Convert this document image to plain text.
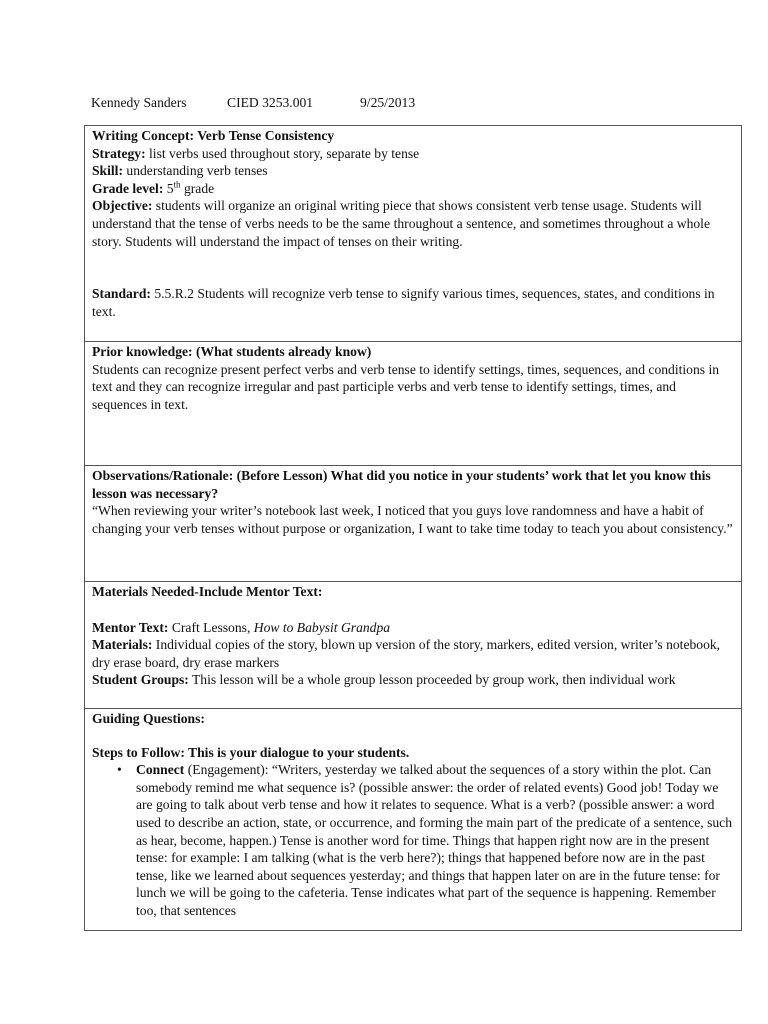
Kennedy Sanders	CIED 3253.001	9/25/2013

Writing Concept: Verb Tense Consistency

Strategy: list verbs used throughout story, separate by tense

Skill: understanding verb tenses

Grade level: 5th grade

Objective: students will organize an original writing piece that shows consistent verb tense usage. Students will understand that the tense of verbs needs to be the same throughout a sentence, and sometimes throughout a whole story. Students will understand the impact of tenses on their writing.

Standard: 5.5.R.2 Students will recognize verb tense to signify various times, sequences, states, and conditions in text.

Prior knowledge: (What students already know)

Students can recognize present perfect verbs and verb tense to identify settings, times, sequences, and conditions in text and they can recognize irregular and past participle verbs and verb tense to identify settings, times, and sequences in text.

Observations/Rationale: (Before Lesson) What did you notice in your students’ work that let you know this lesson was necessary?

“When reviewing your writer’s notebook last week, I noticed that you guys love randomness and have a habit of changing your verb tenses without purpose or organization, I want to take time today to teach you about consistency.”

Materials Needed-Include Mentor Text:

Mentor Text: Craft Lessons, How to Babysit Grandpa

Materials: Individual copies of the story, blown up version of the story, markers, edited version, writer’s notebook, dry erase board, dry erase markers

Student Groups: This lesson will be a whole group lesson proceeded by group work, then individual work

Guiding Questions:

Steps to Follow: This is your dialogue to your students.

• Connect (Engagement): “Writers, yesterday we talked about the sequences of a story within the plot. Can somebody remind me what sequence is? (possible answer: the order of related events) Good job! Today we are going to talk about verb tense and how it relates to sequence. What is a verb? (possible answer: a word used to describe an action, state, or occurrence, and forming the main part of the predicate of a sentence, such as hear, become, happen.) Tense is another word for time. Things that happen right now are in the present tense: for example: I am talking (what is the verb here?); things that happened before now are in the past tense, like we learned about sequences yesterday; and things that happen later on are in the future tense: for lunch we will be going to the cafeteria. Tense indicates what part of the sequence is happening. Remember too, that sentences
